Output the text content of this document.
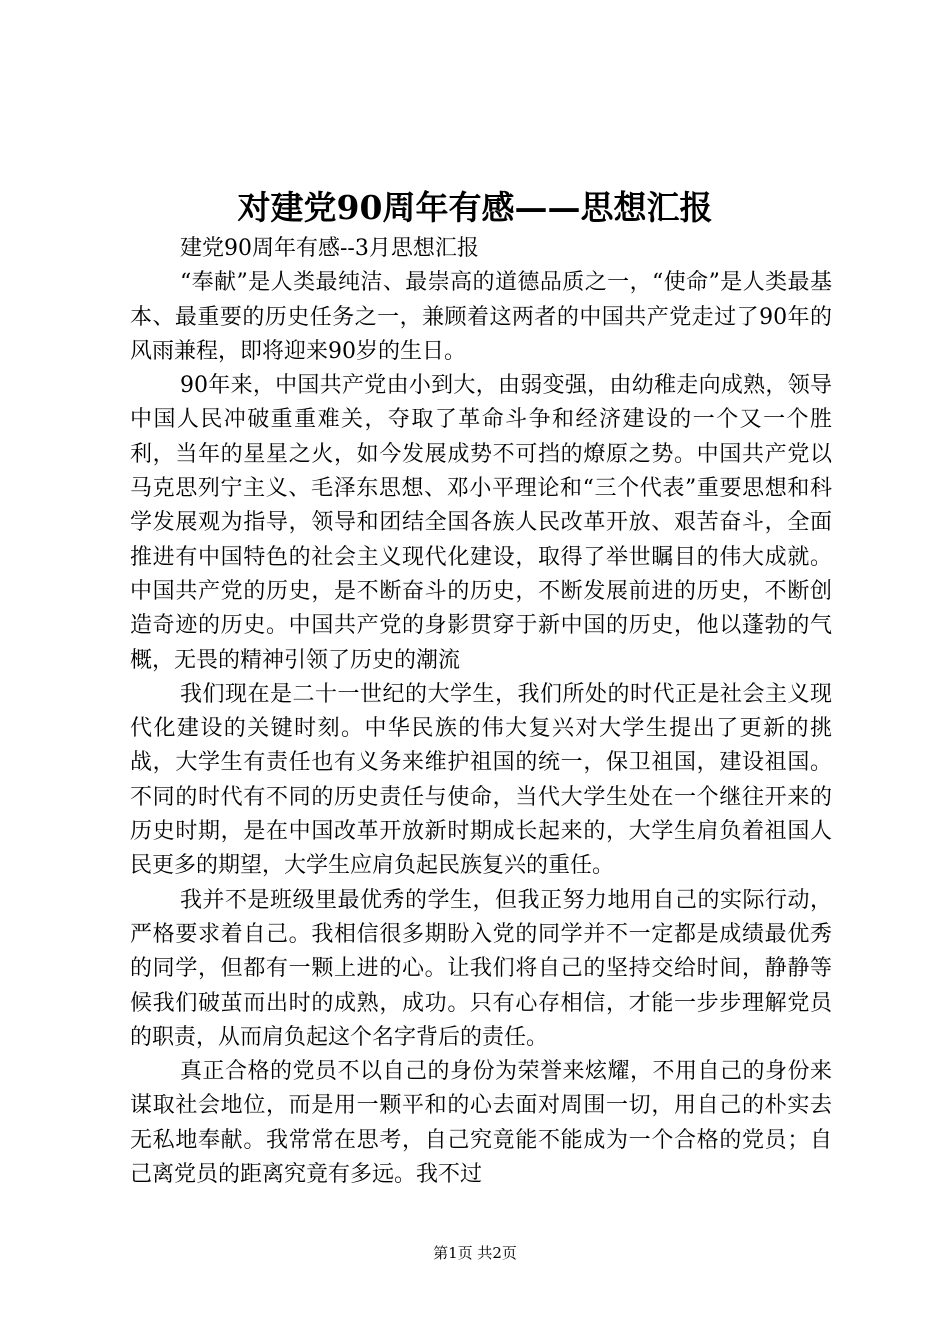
对建党90周年有感——思想汇报

建党90周年有感--3月思想汇报

“奉献”是人类最纯洁、最崇高的道德品质之一，“使命”是人类最基本、最重要的历史任务之一，兼顾着这两者的中国共产党走过了90年的风雨兼程，即将迎来90岁的生日。

90年来，中国共产党由小到大，由弱变强，由幼稚走向成熟，领导中国人民冲破重重难关，夺取了革命斗争和经济建设的一个又一个胜利，当年的星星之火，如今发展成势不可挡的燎原之势。中国共产党以马克思列宁主义、毛泽东思想、邓小平理论和“三个代表”重要思想和科学发展观为指导，领导和团结全国各族人民改革开放、艰苦奋斗，全面推进有中国特色的社会主义现代化建设，取得了举世瞩目的伟大成就。中国共产党的历史，是不断奋斗的历史，不断发展前进的历史，不断创造奇迹的历史。中国共产党的身影贯穿于新中国的历史，他以蓬勃的气概，无畏的精神引领了历史的潮流

我们现在是二十一世纪的大学生，我们所处的时代正是社会主义现代化建设的关键时刻。中华民族的伟大复兴对大学生提出了更新的挑战，大学生有责任也有义务来维护祖国的统一，保卫祖国，建设祖国。不同的时代有不同的历史责任与使命，当代大学生处在一个继往开来的历史时期，是在中国改革开放新时期成长起来的，大学生肩负着祖国人民更多的期望，大学生应肩负起民族复兴的重任。

我并不是班级里最优秀的学生，但我正努力地用自己的实际行动，严格要求着自己。我相信很多期盼入党的同学并不一定都是成绩最优秀的同学，但都有一颗上进的心。让我们将自己的坚持交给时间，静静等候我们破茧而出时的成熟，成功。只有心存相信，才能一步步理解党员的职责，从而肩负起这个名字背后的责任。

真正合格的党员不以自己的身份为荣誉来炫耀，不用自己的身份来谋取社会地位，而是用一颗平和的心去面对周围一切，用自己的朴实去无私地奉献。我常常在思考，自己究竟能不能成为一个合格的党员；自己离党员的距离究竟有多远。我不过

第1页 共2页
